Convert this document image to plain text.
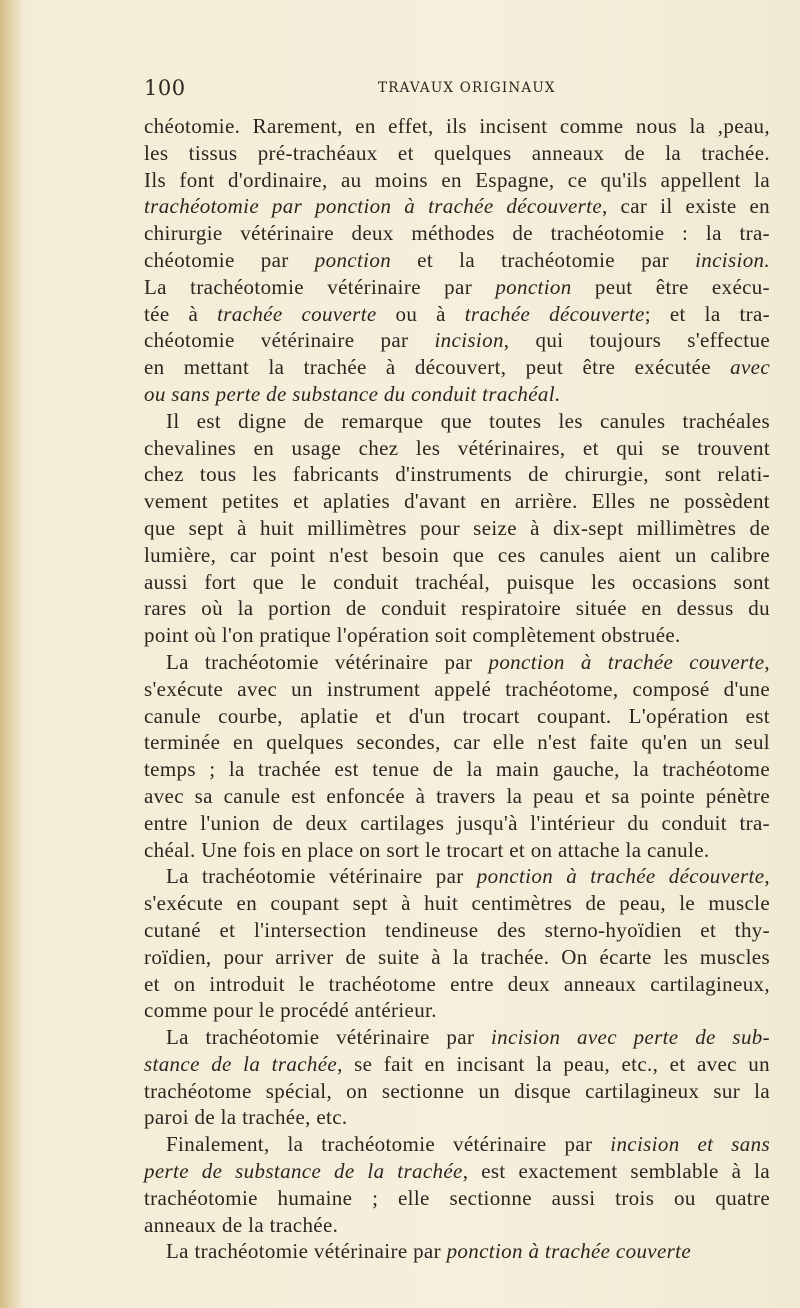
100	TRAVAUX ORIGINAUX
chéotomie. Rarement, en effet, ils incisent comme nous la ,peau,
les tissus pré-trachéaux et quelques anneaux de la trachée.
Ils font d'ordinaire, au moins en Espagne, ce qu'ils appellent la
trachéotomie par ponction à trachée découverte, car il existe en
chirurgie vétérinaire deux méthodes de trachéotomie : la tra-
chéotomie par ponction et la trachéotomie par incision.
La trachéotomie vétérinaire par ponction peut être exécu-
tée à trachée couverte ou à trachée découverte; et la tra-
chéotomie vétérinaire par incision, qui toujours s'effectue
en mettant la trachée à découvert, peut être exécutée avec
ou sans perte de substance du conduit trachéal.
Il est digne de remarque que toutes les canules trachéales
chevalines en usage chez les vétérinaires, et qui se trouvent
chez tous les fabricants d'instruments de chirurgie, sont relati-
vement petites et aplaties d'avant en arrière. Elles ne possèdent
que sept à huit millimètres pour seize à dix-sept millimètres de
lumière, car point n'est besoin que ces canules aient un calibre
aussi fort que le conduit trachéal, puisque les occasions sont
rares où la portion de conduit respiratoire située en dessus du
point où l'on pratique l'opération soit complètement obstruée.
La trachéotomie vétérinaire par ponction à trachée couverte,
s'exécute avec un instrument appelé trachéotome, composé d'une
canule courbe, aplatie et d'un trocart coupant. L'opération est
terminée en quelques secondes, car elle n'est faite qu'en un seul
temps ; la trachée est tenue de la main gauche, la trachéotome
avec sa canule est enfoncée à travers la peau et sa pointe pénètre
entre l'union de deux cartilages jusqu'à l'intérieur du conduit tra-
chéal. Une fois en place on sort le trocart et on attache la canule.
La trachéotomie vétérinaire par ponction à trachée découverte,
s'exécute en coupant sept à huit centimètres de peau, le muscle
cutané et l'intersection tendineuse des sterno-hyoïdien et thy-
roïdien, pour arriver de suite à la trachée. On écarte les muscles
et on introduit le trachéotome entre deux anneaux cartilagineux,
comme pour le procédé antérieur.
La trachéotomie vétérinaire par incision avec perte de sub-
stance de la trachée, se fait en incisant la peau, etc., et avec un
trachéotome spécial, on sectionne un disque cartilagineux sur la
paroi de la trachée, etc.
Finalement, la trachéotomie vétérinaire par incision et sans
perte de substance de la trachée, est exactement semblable à la
trachéotomie humaine ; elle sectionne aussi trois ou quatre
anneaux de la trachée.
La trachéotomie vétérinaire par ponction à trachée couverte
